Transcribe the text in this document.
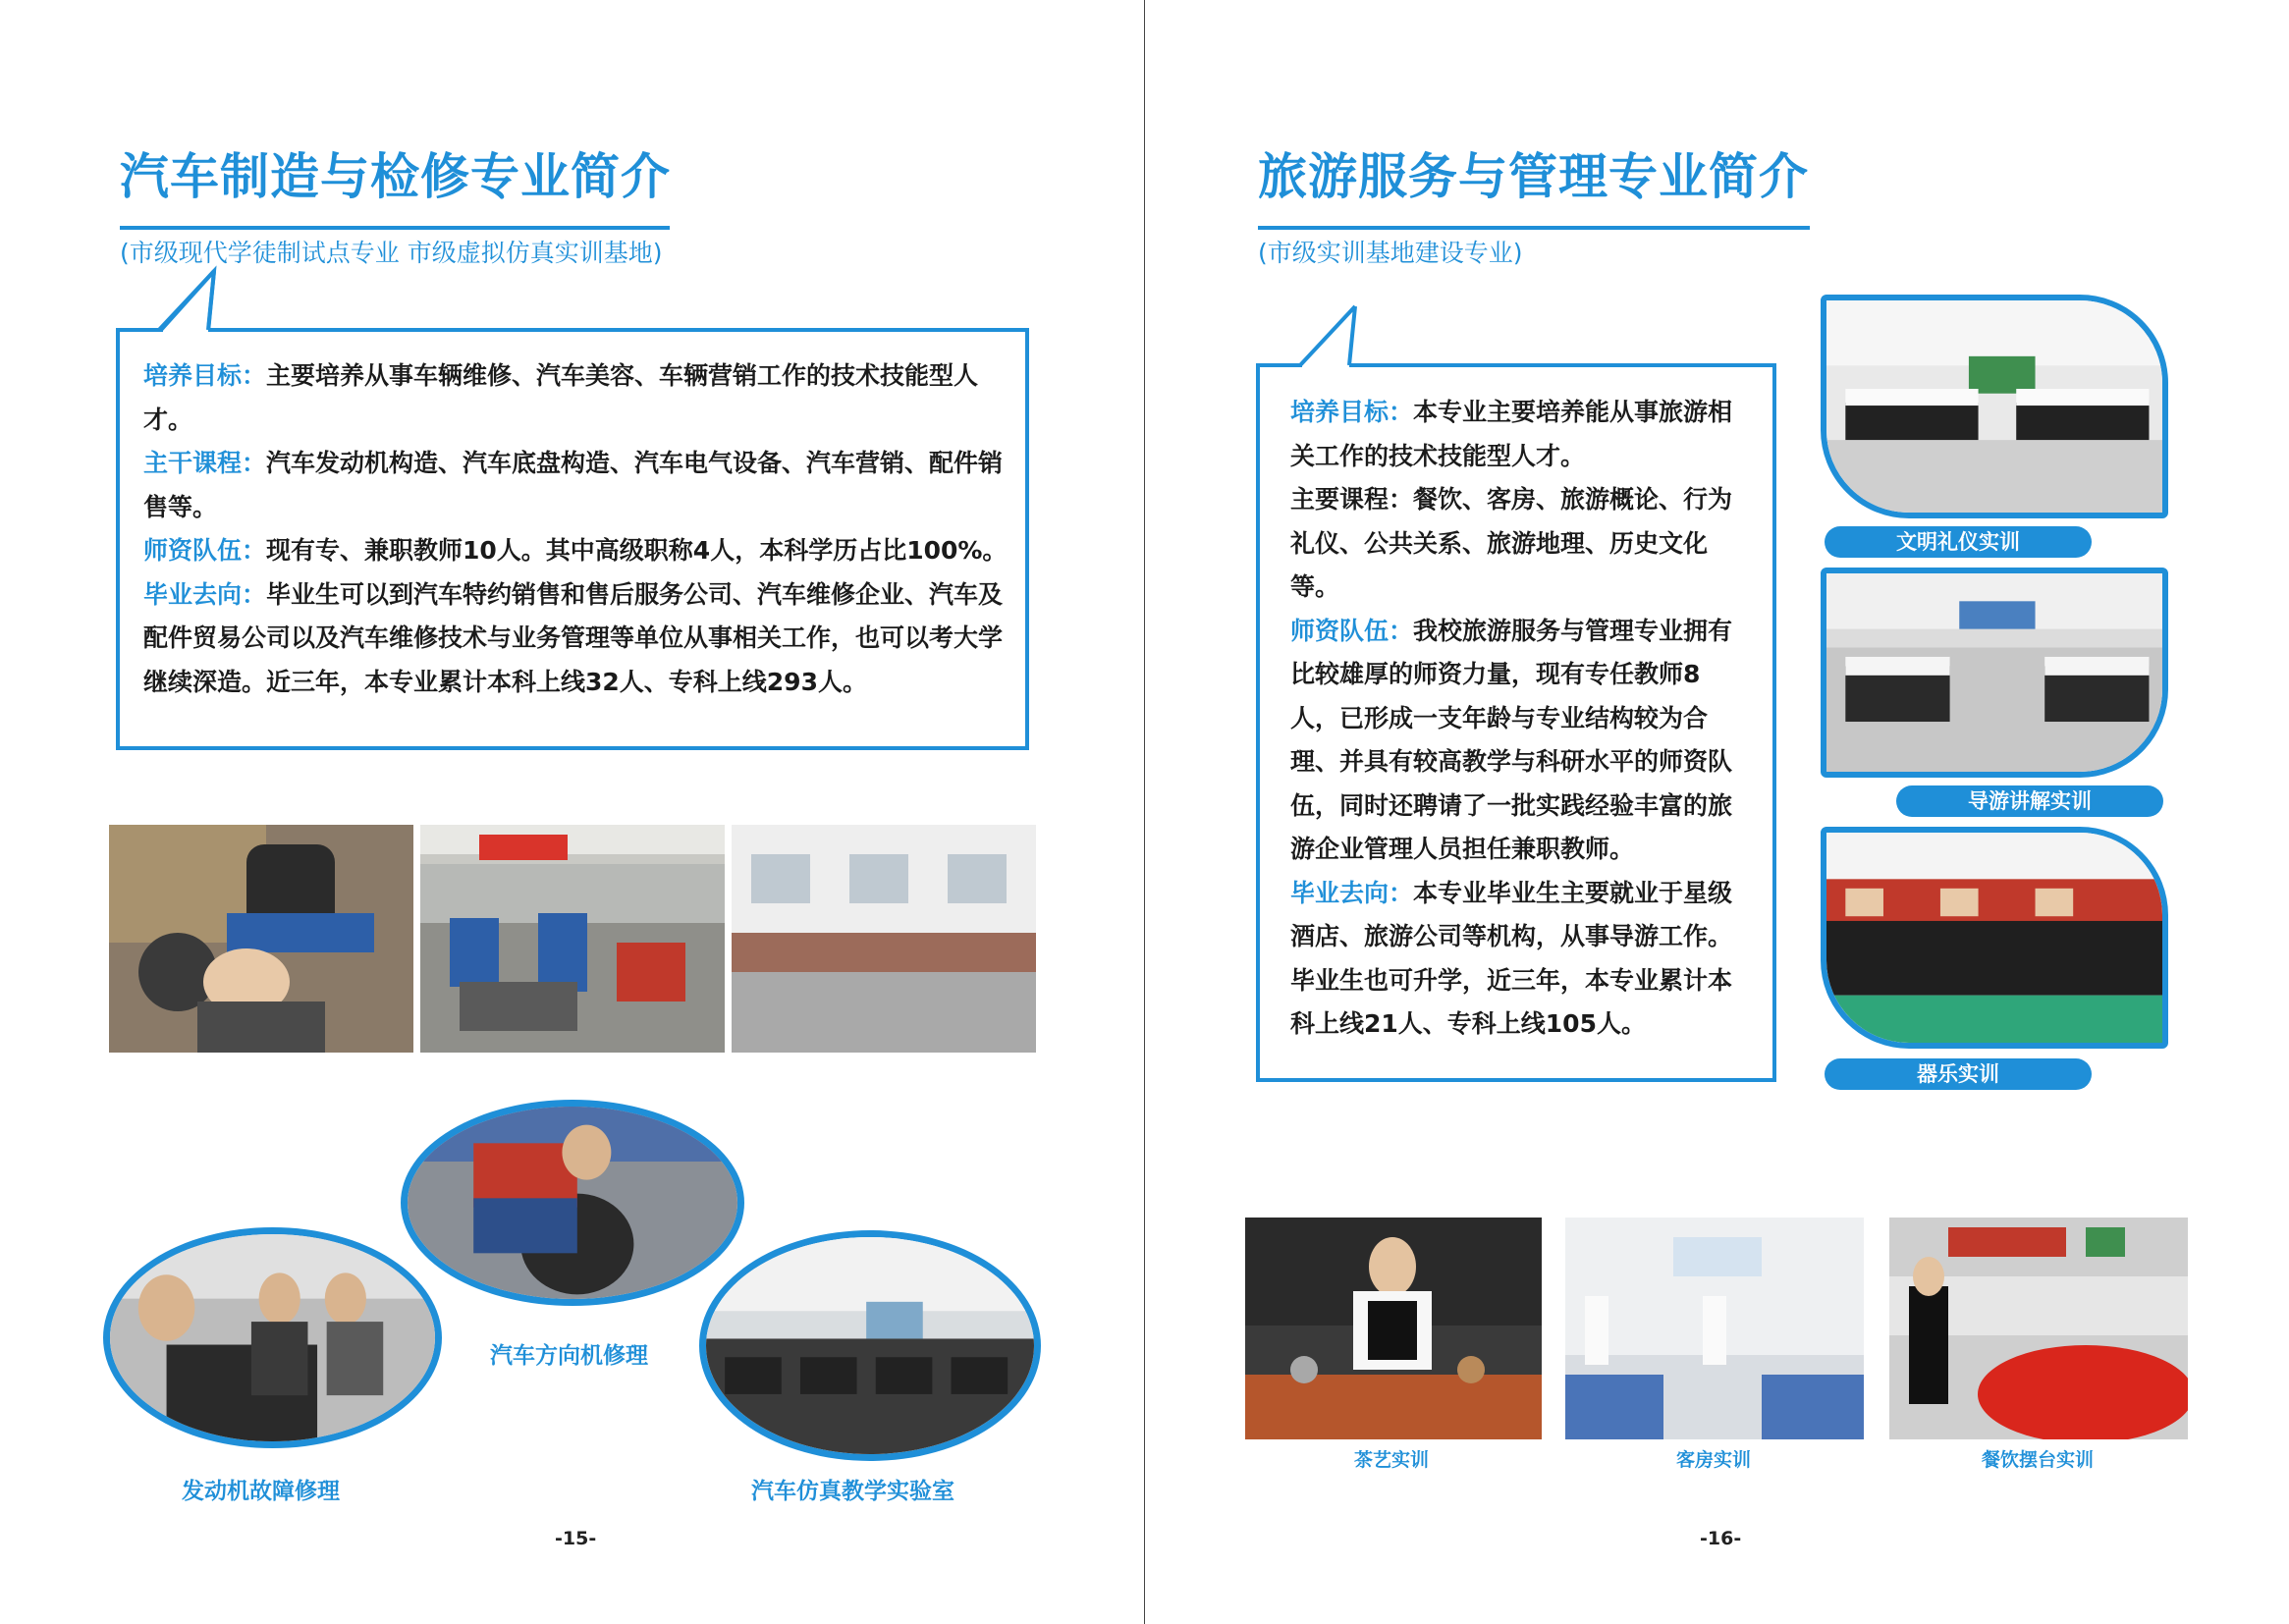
汽车制造与检修专业简介
(市级现代学徒制试点专业 市级虚拟仿真实训基地)

培养目标：主要培养从事车辆维修、汽车美容、车辆营销工作的技术技能型人才。

主干课程：汽车发动机构造、汽车底盘构造、汽车电气设备、汽车营销、配件销售等。

师资队伍：现有专、兼职教师10人。其中高级职称4人，本科学历占比100%。

毕业去向：毕业生可以到汽车特约销售和售后服务公司、汽车维修企业、汽车及配件贸易公司以及汽车维修技术与业务管理等单位从事相关工作，也可以考大学继续深造。近三年，本专业累计本科上线32人、专科上线293人。

汽车方向机修理
发动机故障修理	汽车仿真教学实验室
-15-
旅游服务与管理专业简介
(市级实训基地建设专业)

培养目标：本专业主要培养能从事旅游相关工作的技术技能型人才。

主要课程：餐饮、客房、旅游概论、行为礼仪、公共关系、旅游地理、历史文化等。

师资队伍：我校旅游服务与管理专业拥有比较雄厚的师资力量，现有专任教师8人，已形成一支年龄与专业结构较为合理、并具有较高教学与科研水平的师资队伍，同时还聘请了一批实践经验丰富的旅游企业管理人员担任兼职教师。

毕业去向：本专业毕业生主要就业于星级酒店、旅游公司等机构，从事导游工作。毕业生也可升学，近三年，本专业累计本科上线21人、专科上线105人。

文明礼仪实训
导游讲解实训
器乐实训
茶艺实训	客房实训	餐饮摆台实训
-16-
